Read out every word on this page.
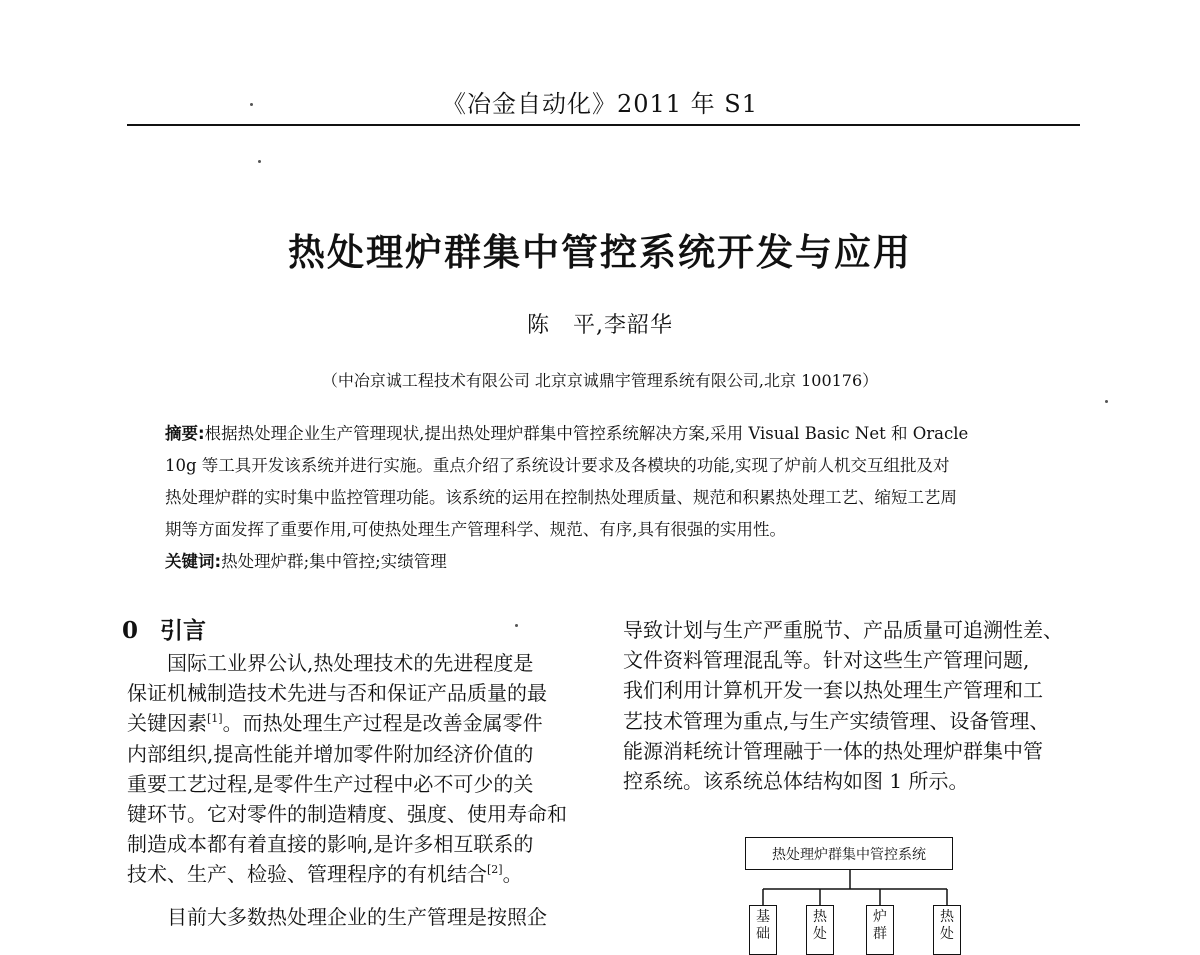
《冶金自动化》2011 年 S1
热处理炉群集中管控系统开发与应用
陈　平,李韶华
（中冶京诚工程技术有限公司 北京京诚鼎宇管理系统有限公司,北京 100176）
摘要:根据热处理企业生产管理现状,提出热处理炉群集中管控系统解决方案,采用 Visual Basic Net 和 Oracle
10g 等工具开发该系统并进行实施。重点介绍了系统设计要求及各模块的功能,实现了炉前人机交互组批及对
热处理炉群的实时集中监控管理功能。该系统的运用在控制热处理质量、规范和积累热处理工艺、缩短工艺周
期等方面发挥了重要作用,可使热处理生产管理科学、规范、有序,具有很强的实用性。
关键词:热处理炉群;集中管控;实绩管理
0 引言

国际工业界公认,热处理技术的先进程度是

保证机械制造技术先进与否和保证产品质量的最

关键因素[1]。而热处理生产过程是改善金属零件

内部组织,提高性能并增加零件附加经济价值的

重要工艺过程,是零件生产过程中必不可少的关

键环节。它对零件的制造精度、强度、使用寿命和

制造成本都有着直接的影响,是许多相互联系的

技术、生产、检验、管理程序的有机结合[2]。

目前大多数热处理企业的生产管理是按照企

导致计划与生产严重脱节、产品质量可追溯性差、

文件资料管理混乱等。针对这些生产管理问题,

我们利用计算机开发一套以热处理生产管理和工

艺技术管理为重点,与生产实绩管理、设备管理、

能源消耗统计管理融于一体的热处理炉群集中管

控系统。该系统总体结构如图 1 所示。

热处理炉群集中管控系统
基
础
热
处
炉
群
热
处
